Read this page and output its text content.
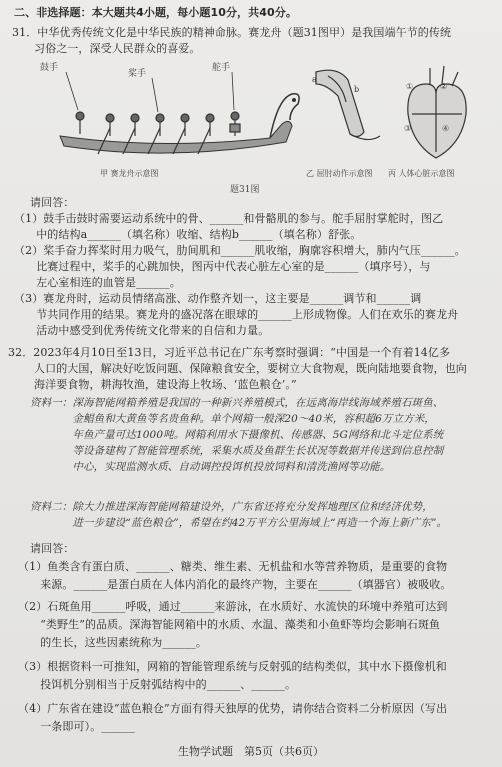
二、非选择题：本大题共4小题，每小题10分，共40分。
31．中华优秀传统文化是中华民族的精神命脉。赛龙舟（题31图甲）是我国端午节的传统
习俗之一，深受人民群众的喜爱。
a
b
鼓手
桨手
舵手
①	②
③	④
甲 赛龙舟示意图	乙 屈肘动作示意图 丙 人体心脏示意图
题31图
请回答：
（1）鼓手击鼓时需要运动系统中的骨、______和骨骼肌的参与。舵手屈肘掌舵时，图乙
　　中的结构a______（填名称）收缩、结构b______（填名称）舒张。
（2）桨手奋力挥桨时用力吸气，肋间肌和______肌收缩，胸廓容积增大，肺内气压______。
　　比赛过程中，桨手的心跳加快，图丙中代表心脏左心室的是______（填序号），与
　　左心室相连的血管是______。
（3）赛龙舟时，运动员情绪高涨、动作整齐划一，这主要是______调节和______调
　　节共同作用的结果。赛龙舟的盛况落在眼球的______上形成物像。人们在欢乐的赛龙舟
　　活动中感受到优秀传统文化带来的自信和力量。
32．2023年4月10日至13日，习近平总书记在广东考察时强调：“中国是一个有着14亿多
人口的大国，解决好吃饭问题、保障粮食安全，要树立大食物观，既向陆地要食物，也向
海洋要食物，耕海牧渔，建设海上牧场、‘蓝色粮仓’。”
资料一：深海智能网箱养殖是我国的一种新兴养殖模式，在远离海岸线海域养殖石斑鱼、
　　　　金鲳鱼和大黄鱼等名贵鱼种。单个网箱一般深20～40米，容积超6万立方米，
　　　　年鱼产量可达1000吨。网箱利用水下摄像机、传感器、5G网络和北斗定位系统
　　　　等设备建构了智能管理系统，采集水质及鱼群生长状况等数据并传送到信息控制
　　　　中心，实现监测水质、自动调控投饵机投放饲料和清洗渔网等功能。
资料二：除大力推进深海智能网箱建设外，广东省还将充分发挥地理区位和经济优势，
　　　　进一步建设“蓝色粮仓”，希望在约42万平方公里海域上“再造一个海上新广东”。
请回答：
（1）鱼类含有蛋白质、______、糖类、维生素、无机盐和水等营养物质，是重要的食物
　　来源。______是蛋白质在人体内消化的最终产物，主要在______（填器官）被吸收。
（2）石斑鱼用______呼吸，通过______来游泳，在水质好、水流快的环境中养殖可达到
　　“类野生”的品质。深海智能网箱中的水质、水温、藻类和小鱼虾等均会影响石斑鱼
　　的生长，这些因素统称为______。
（3）根据资料一可推知，网箱的智能管理系统与反射弧的结构类似，其中水下摄像机和
　　投饵机分别相当于反射弧结构中的______、______。
（4）广东省在建设“蓝色粮仓”方面有得天独厚的优势，请你结合资料二分析原因（写出
　　一条即可）。______
生物学试题　第5页（共6页）
